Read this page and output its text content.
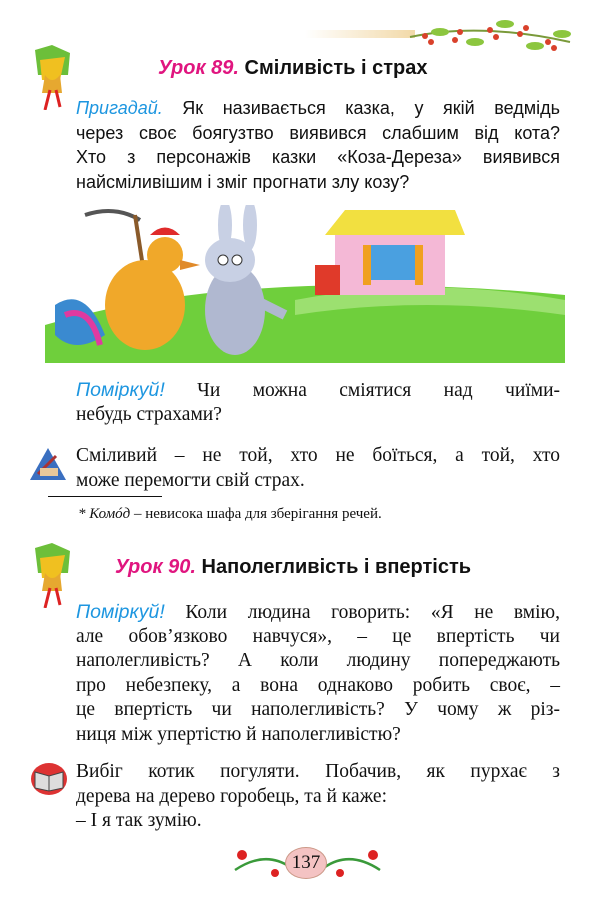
Урок 89. Сміливість і страх
Пригадай. Як називається казка, у якій ведмідь
через своє боягузтво виявився слабшим від кота?
Хто з персонажів казки «Коза-Дереза» виявився
найсміливішим і зміг прогнати злу козу?
Поміркуй! Чи можна сміятися над чиїми-
небудь страхами?
Сміливий – не той, хто не боїться, а той, хто
може перемогти свій страх.
* Комóд – невисока шафа для зберігання речей.
Урок 90. Наполегливість і впертість
Поміркуй! Коли людина говорить: «Я не вмію,
але обов’язково навчуся», – це впертість чи
наполегливість? А коли людину попереджають
про небезпеку, а вона однаково робить своє, –
це впертість чи наполегливість? У чому ж різ-
ниця між упертістю й наполегливістю?
Вибіг котик погуляти. Побачив, як пурхає з
дерева на дерево горобець, та й каже:
– І я так зумію.
137
